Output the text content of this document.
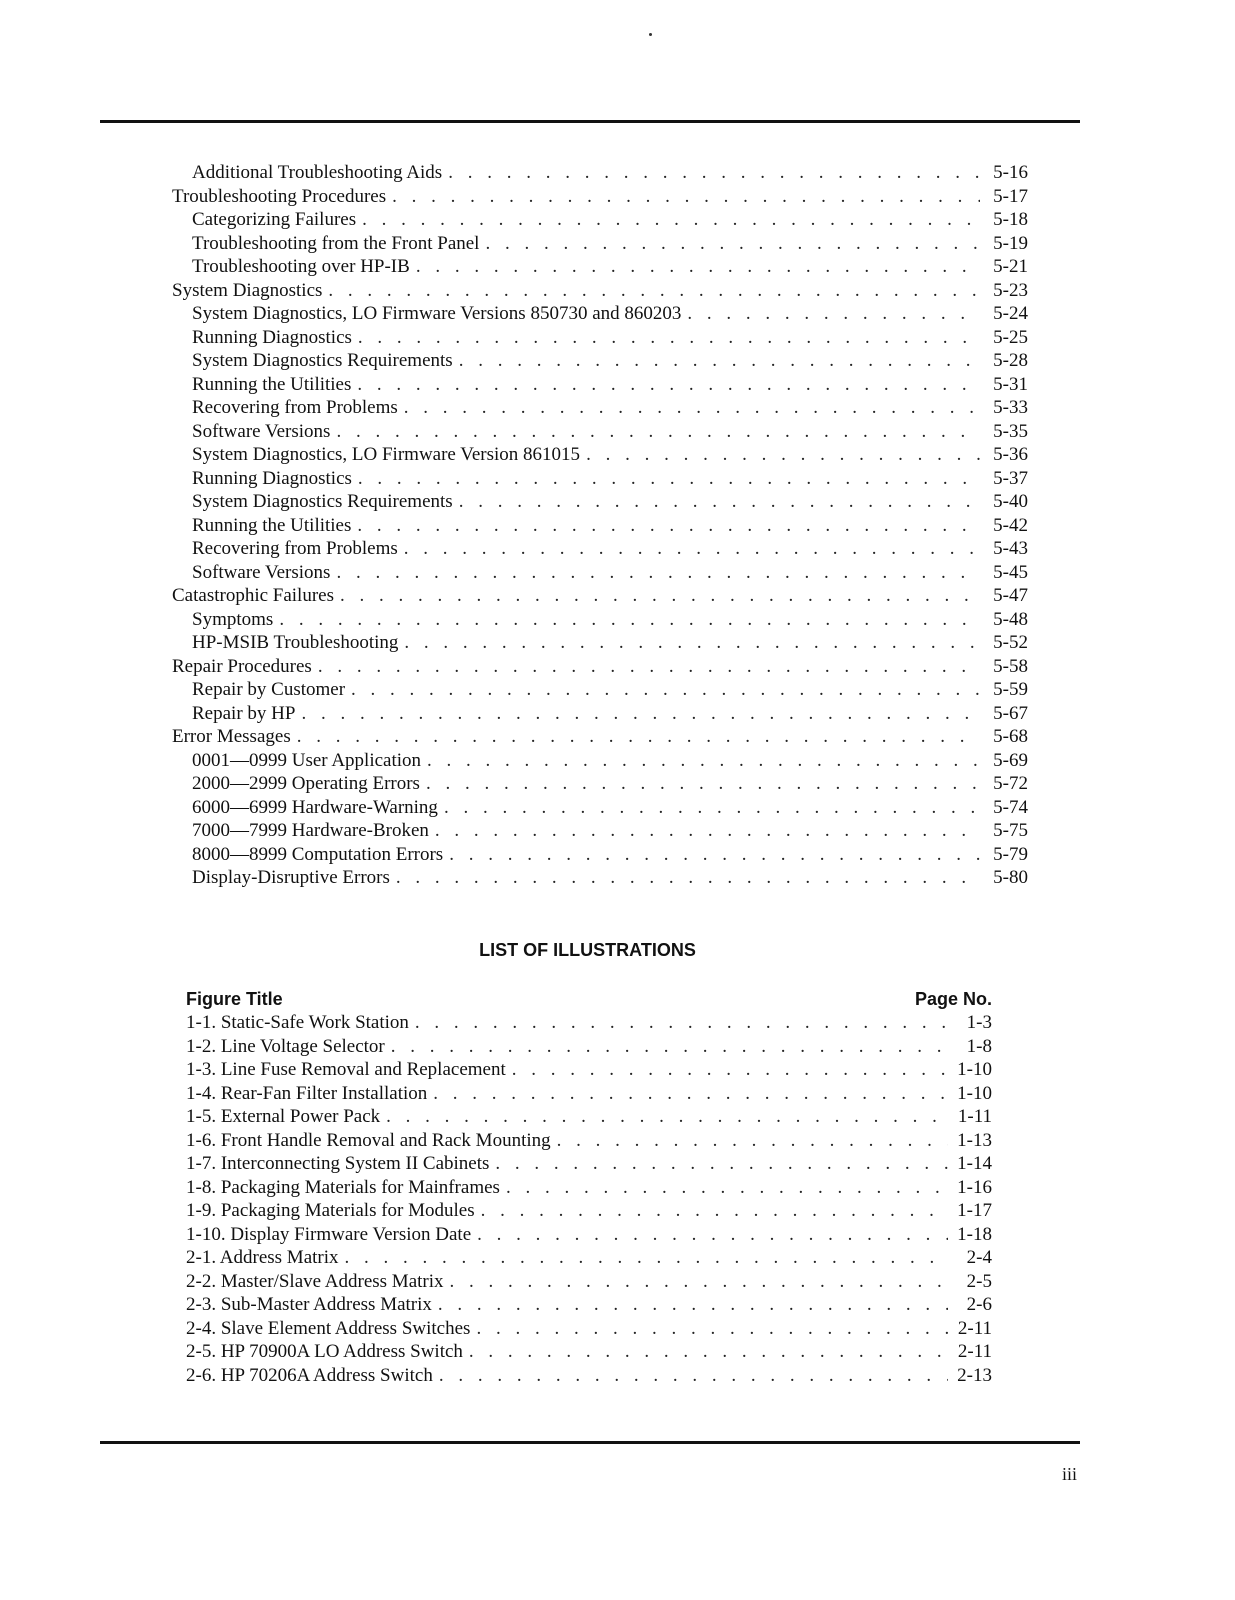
Additional Troubleshooting Aids . . .	5-16
Troubleshooting Procedures . . .	5-17
Categorizing Failures . . .	5-18
Troubleshooting from the Front Panel . . .	5-19
Troubleshooting over HP-IB . . .	5-21
System Diagnostics . . .	5-23
System Diagnostics, LO Firmware Versions 850730 and 860203 . . .	5-24
Running Diagnostics . . .	5-25
System Diagnostics Requirements . . .	5-28
Running the Utilities . . .	5-31
Recovering from Problems . . .	5-33
Software Versions . . .	5-35
System Diagnostics, LO Firmware Version 861015 . . .	5-36
Running Diagnostics . . .	5-37
System Diagnostics Requirements . . .	5-40
Running the Utilities . . .	5-42
Recovering from Problems . . .	5-43
Software Versions . . .	5-45
Catastrophic Failures . . .	5-47
Symptoms . . .	5-48
HP-MSIB Troubleshooting . . .	5-52
Repair Procedures . . .	5-58
Repair by Customer . . .	5-59
Repair by HP . . .	5-67
Error Messages . . .	5-68
0001—0999 User Application . . .	5-69
2000—2999 Operating Errors . . .	5-72
6000—6999 Hardware-Warning . . .	5-74
7000—7999 Hardware-Broken . . .	5-75
8000—8999 Computation Errors . . .	5-79
Display-Disruptive Errors . . .	5-80
LIST OF ILLUSTRATIONS
Figure Title	Page No.
1-1. Static-Safe Work Station . . .	1-3
1-2. Line Voltage Selector . . .	1-8
1-3. Line Fuse Removal and Replacement . . .	1-10
1-4. Rear-Fan Filter Installation . . .	1-10
1-5. External Power Pack . . .	1-11
1-6. Front Handle Removal and Rack Mounting . . .	1-13
1-7. Interconnecting System II Cabinets . . .	1-14
1-8. Packaging Materials for Mainframes . . .	1-16
1-9. Packaging Materials for Modules . . .	1-17
1-10. Display Firmware Version Date . . .	1-18
2-1. Address Matrix . . .	2-4
2-2. Master/Slave Address Matrix . . .	2-5
2-3. Sub-Master Address Matrix . . .	2-6
2-4. Slave Element Address Switches . . .	2-11
2-5. HP 70900A LO Address Switch . . .	2-11
2-6. HP 70206A Address Switch . . .	2-13
iii
